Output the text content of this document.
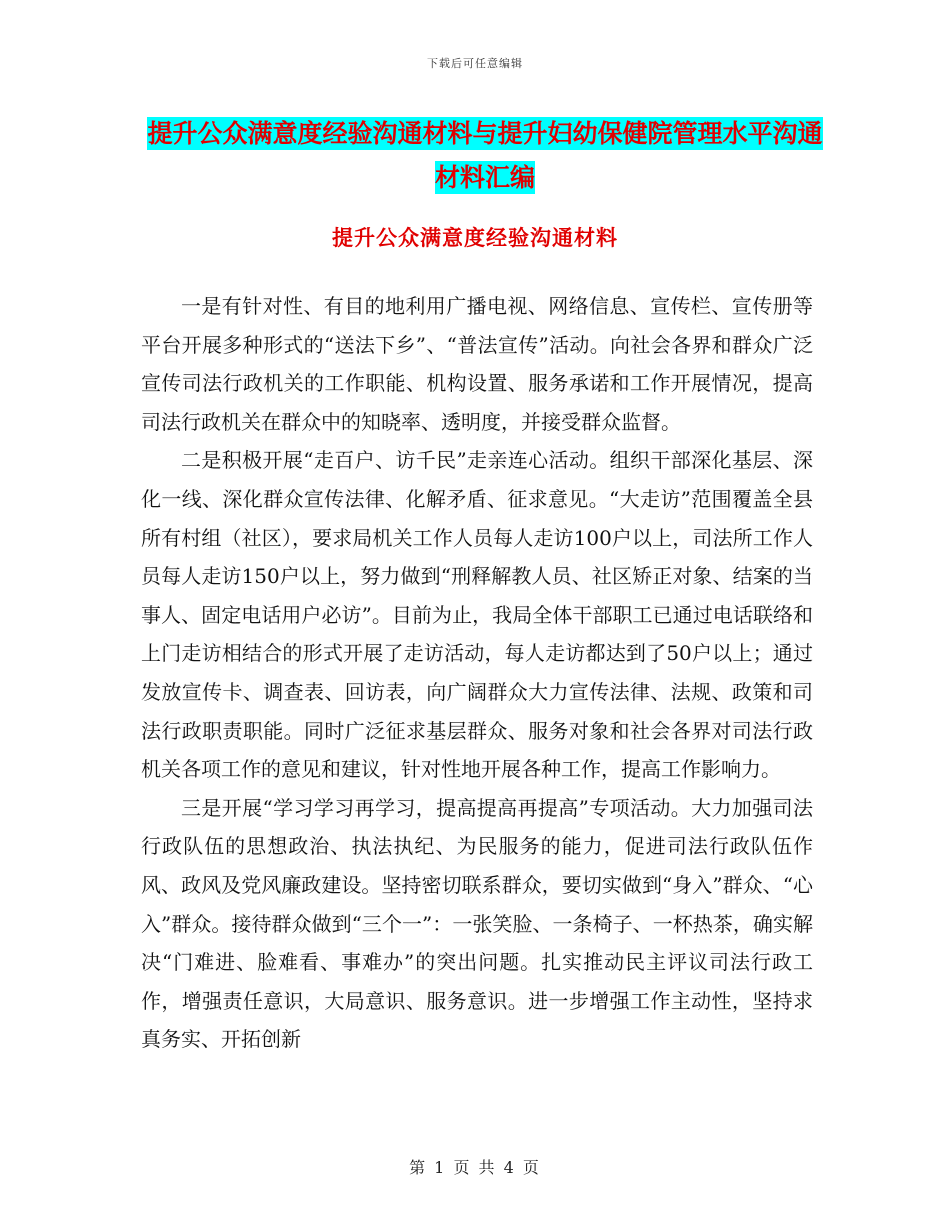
下载后可任意编辑
提升公众满意度经验沟通材料与提升妇幼保健院管理水平沟通材料汇编
提升公众满意度经验沟通材料

一是有针对性、有目的地利用广播电视、网络信息、宣传栏、宣传册等平台开展多种形式的“送法下乡”、“普法宣传”活动。向社会各界和群众广泛宣传司法行政机关的工作职能、机构设置、服务承诺和工作开展情况，提高司法行政机关在群众中的知晓率、透明度，并接受群众监督。

二是积极开展“走百户、访千民”走亲连心活动。组织干部深化基层、深化一线、深化群众宣传法律、化解矛盾、征求意见。“大走访”范围覆盖全县所有村组（社区），要求局机关工作人员每人走访100户以上，司法所工作人员每人走访150户以上，努力做到“刑释解教人员、社区矫正对象、结案的当事人、固定电话用户必访”。目前为止，我局全体干部职工已通过电话联络和上门走访相结合的形式开展了走访活动，每人走访都达到了50户以上；通过发放宣传卡、调查表、回访表，向广阔群众大力宣传法律、法规、政策和司法行政职责职能。同时广泛征求基层群众、服务对象和社会各界对司法行政机关各项工作的意见和建议，针对性地开展各种工作，提高工作影响力。

三是开展“学习学习再学习，提高提高再提高”专项活动。大力加强司法行政队伍的思想政治、执法执纪、为民服务的能力，促进司法行政队伍作风、政风及党风廉政建设。坚持密切联系群众，要切实做到“身入”群众、“心入”群众。接待群众做到“三个一”：一张笑脸、一条椅子、一杯热茶，确实解决“门难进、脸难看、事难办”的突出问题。扎实推动民主评议司法行政工作，增强责任意识，大局意识、服务意识。进一步增强工作主动性，坚持求真务实、开拓创新

第 1 页 共 4 页
